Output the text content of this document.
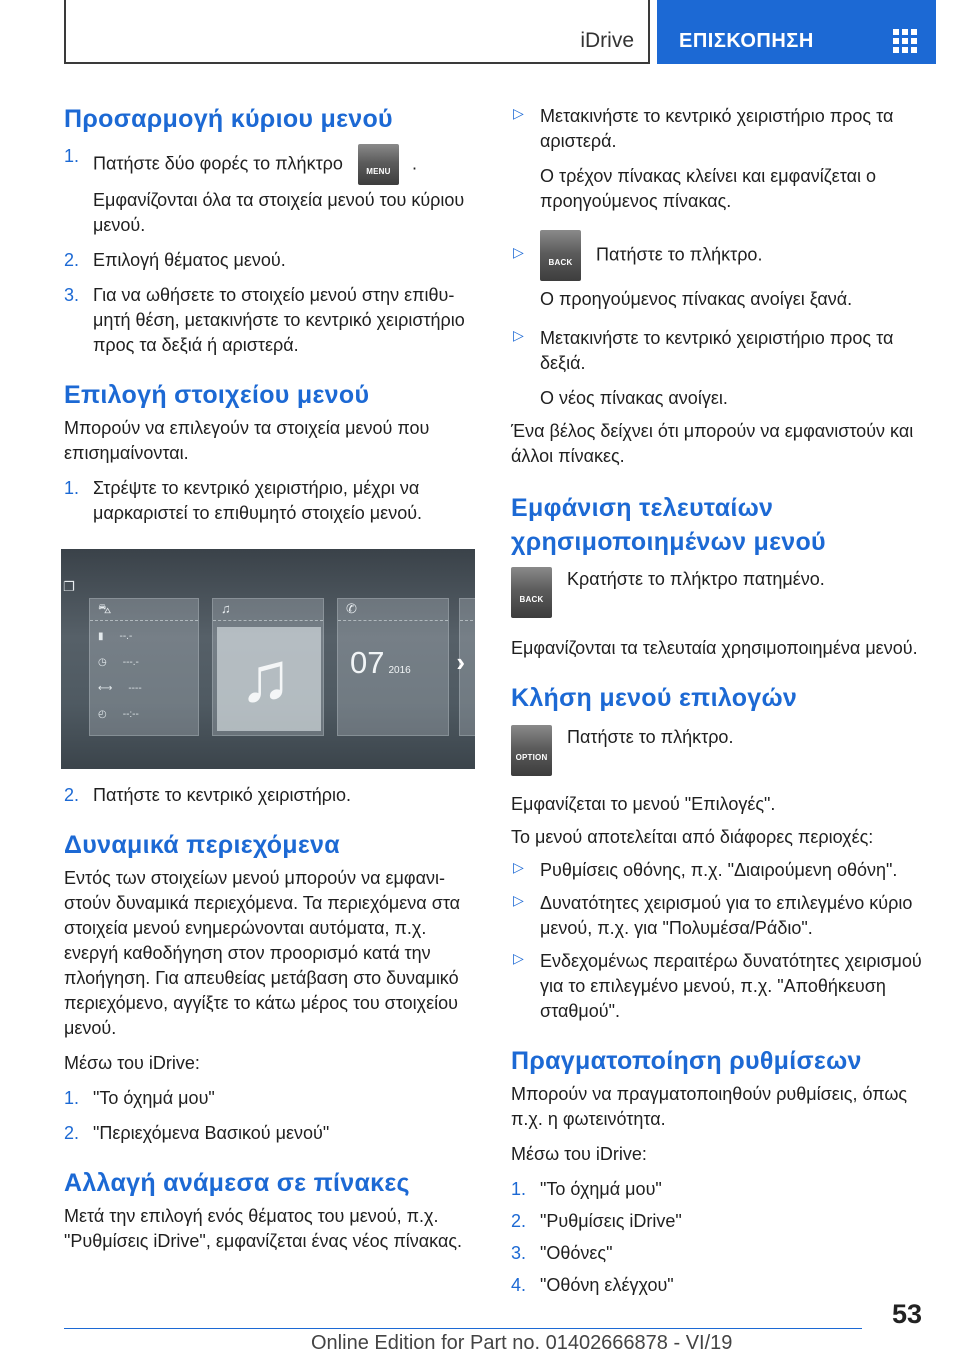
iDrive ΕΠΙΣΚΟΠΗΣΗ
Προσαρμογή κύριου μενού
1. Πατήστε δύο φορές το πλήκτρο	MENU .

Εμφανίζονται όλα τα στοιχεία μενού του κύριου μενού.

2. Επιλογή θέματος μενού.

3. Για να ωθήσετε το στοιχείο μενού στην επιθυμητή θέση, μετακινήστε το κεντρικό χειριστήριο προς τα δεξιά ή αριστερά.

Επιλογή στοιχείου μενού

Μπορούν να επιλεγούν τα στοιχεία μενού που επισημαίνονται.

1. Στρέψτε το κεντρικό χειριστήριο, μέχρι να μαρκαριστεί το επιθυμητό στοιχείο μενού.

❐
⛍
▮ --.-
◷ ---.-
⟷ ----
◴ --:--
♫
♫
✆
07 2016 ›
2. Πατήστε το κεντρικό χειριστήριο.

Δυναμικά περιεχόμενα

Εντός των στοιχείων μενού μπορούν να εμφανιστούν δυναμικά περιεχόμενα. Τα περιεχόμενα στα στοιχεία μενού ενημερώνονται αυτόματα, π.χ. ενεργή καθοδήγηση στον προορισμό κατά την πλοήγηση. Για απευθείας μετάβαση στο δυναμικό περιεχόμενο, αγγίξτε το κάτω μέρος του στοιχείου μενού.

Μέσω του iDrive:

1. "Το όχημά μου"

2. "Περιεχόμενα Βασικού μενού"

Αλλαγή ανάμεσα σε πίνακες

Μετά την επιλογή ενός θέματος του μενού, π.χ. "Ρυθμίσεις iDrive", εμφανίζεται ένας νέος πίνακας.

▷ Μετακινήστε το κεντρικό χειριστήριο προς τα αριστερά.

Ο τρέχον πίνακας κλείνει και εμφανίζεται ο προηγούμενος πίνακας.

▷

BACK Πατήστε το πλήκτρο.

Ο προηγούμενος πίνακας ανοίγει ξανά.

▷ Μετακινήστε το κεντρικό χειριστήριο προς τα δεξιά.

Ο νέος πίνακας ανοίγει.

Ένα βέλος δείχνει ότι μπορούν να εμφανιστούν και άλλοι πίνακες.

Εμφάνιση τελευταίων
χρησιμοποιημένων μενού

BACK Κρατήστε το πλήκτρο πατημένο.

Εμφανίζονται τα τελευταία χρησιμοποιημένα μενού.

Κλήση μενού επιλογών

OPTION Πατήστε το πλήκτρο.

Εμφανίζεται το μενού "Επιλογές".

Το μενού αποτελείται από διάφορες περιοχές:

▷ Ρυθμίσεις οθόνης, π.χ. "Διαιρούμενη οθόνη".

▷ Δυνατότητες χειρισμού για το επιλεγμένο κύριο μενού, π.χ. για "Πολυμέσα/Ράδιο".

▷ Ενδεχομένως περαιτέρω δυνατότητες χειρισμού για το επιλεγμένο μενού, π.χ. "Αποθήκευση σταθμού".

Πραγματοποίηση ρυθμίσεων

Μπορούν να πραγματοποιηθούν ρυθμίσεις, όπως π.χ. η φωτεινότητα.

Μέσω του iDrive:

1. "Το όχημά μου"

2. "Ρυθμίσεις iDrive"

3. "Οθόνες"

4. "Οθόνη ελέγχου"

53
Online Edition for Part no. 01402666878 - VI/19
